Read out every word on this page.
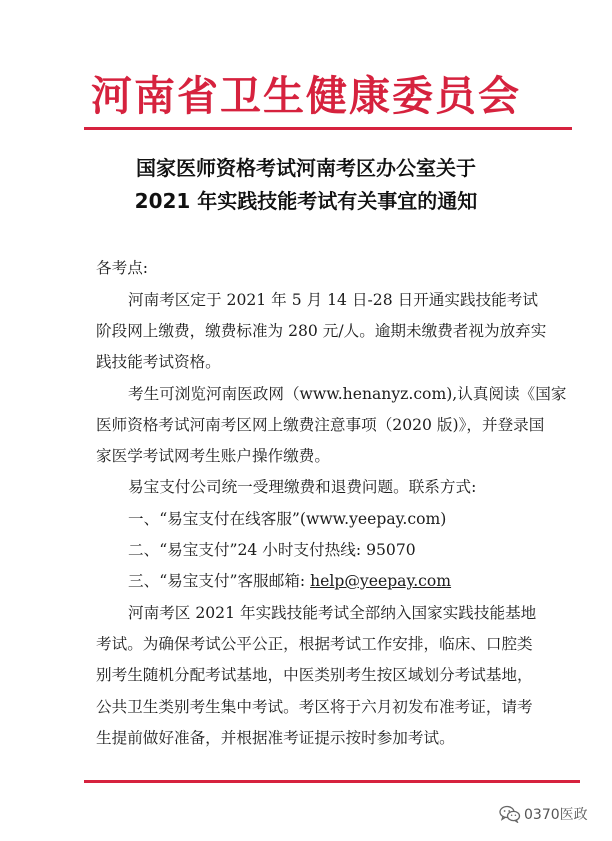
河南省卫生健康委员会
国家医师资格考试河南考区办公室关于
2021 年实践技能考试有关事宜的通知
各考点:
河南考区定于 2021 年 5 月 14 日-28 日开通实践技能考试
阶段网上缴费，缴费标准为 280 元/人。逾期未缴费者视为放弃实
践技能考试资格。
考生可浏览河南医政网（www.henanyz.com),认真阅读《国家
医师资格考试河南考区网上缴费注意事项（2020 版)》，并登录国
家医学考试网考生账户操作缴费。
易宝支付公司统一受理缴费和退费问题。联系方式:
一、“易宝支付在线客服”(www.yeepay.com)
二、“易宝支付”24 小时支付热线: 95070
三、“易宝支付”客服邮箱: help@yeepay.com
河南考区 2021 年实践技能考试全部纳入国家实践技能基地
考试。为确保考试公平公正，根据考试工作安排，临床、口腔类
别考生随机分配考试基地，中医类别考生按区域划分考试基地，
公共卫生类别考生集中考试。考区将于六月初发布准考证，请考
生提前做好准备，并根据准考证提示按时参加考试。
0370医政
